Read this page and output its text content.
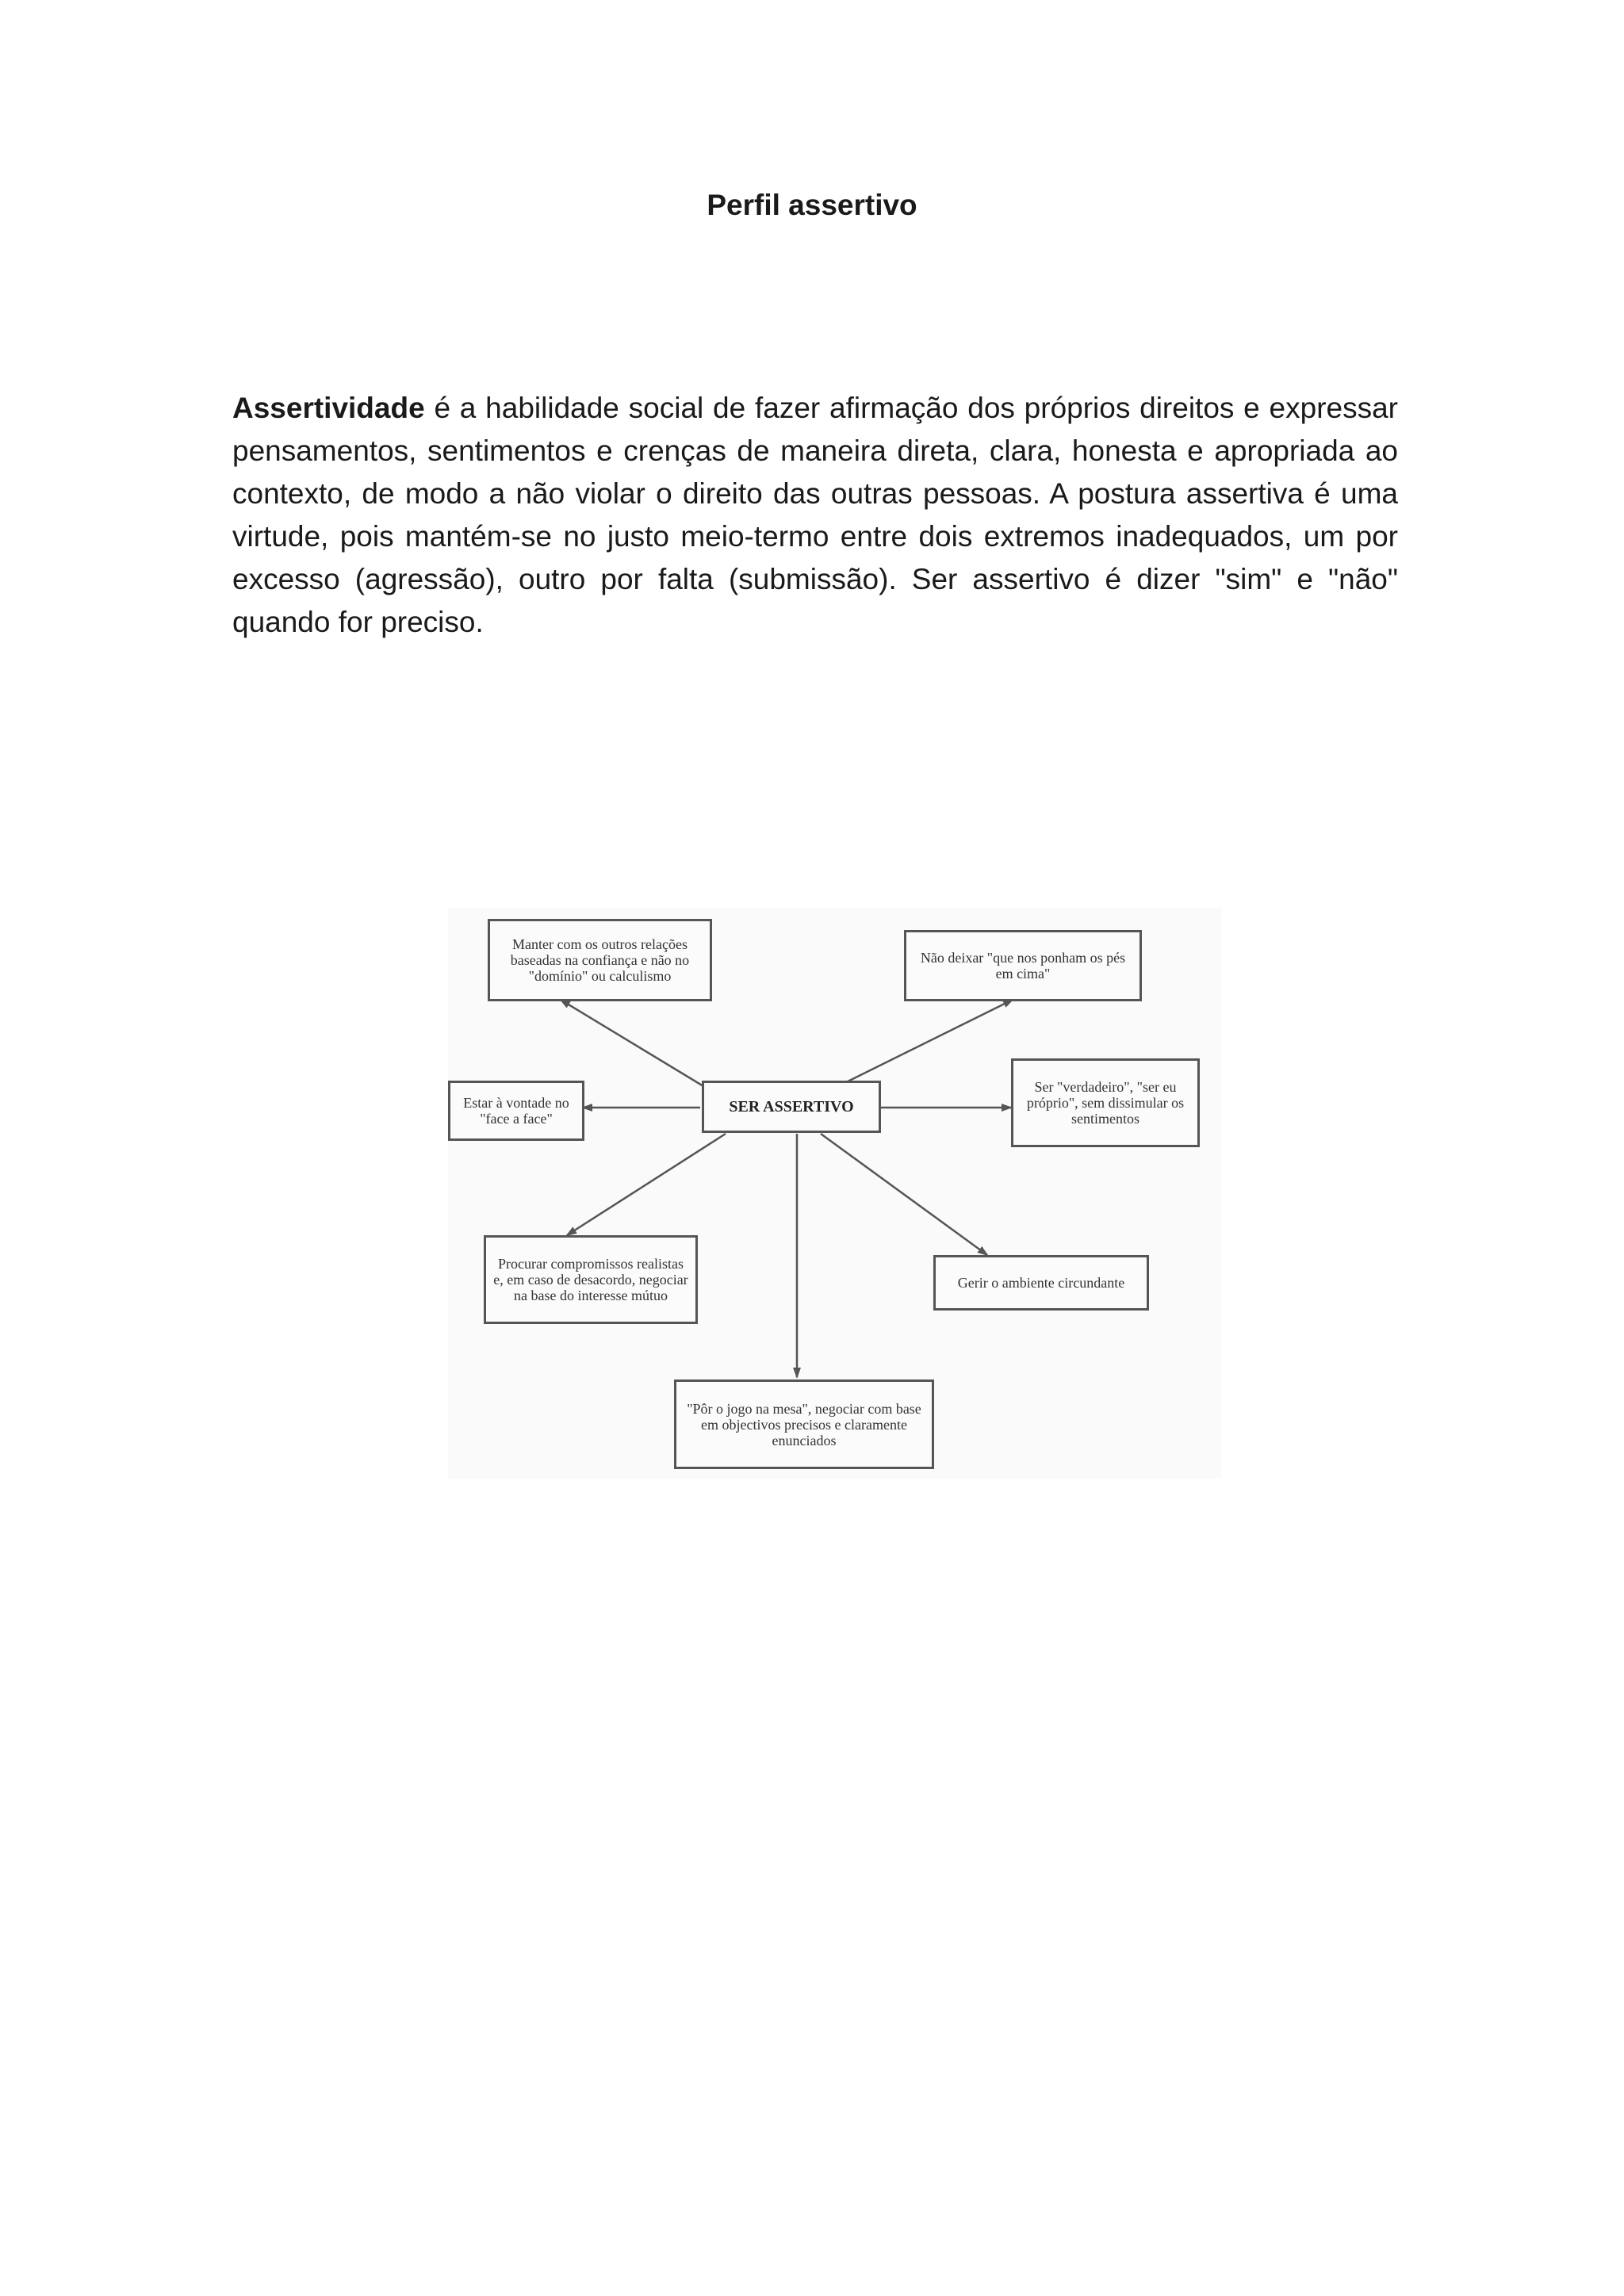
Perfil assertivo

Assertividade é a habilidade social de fazer afirmação dos próprios direitos e expressar pensamentos, sentimentos e crenças de maneira direta, clara, honesta e apropriada ao contexto, de modo a não violar o direito das outras pessoas. A postura assertiva é uma virtude, pois mantém-se no justo meio-termo entre dois extremos inadequados, um por excesso (agressão), outro por falta (submissão). Ser assertivo é dizer "sim" e "não" quando for preciso.

SER ASSERTIVO
Manter com os outros relações baseadas na confiança e não no "domínio" ou calculismo
Não deixar "que nos ponham os pés em cima"
Estar à vontade no "face a face"
Ser "verdadeiro", "ser eu próprio", sem dissimular os sentimentos
Procurar compromissos realistas e, em caso de desacordo, negociar na base do interesse mútuo
Gerir o ambiente circundante
"Pôr o jogo na mesa", negociar com base em objectivos precisos e claramente enunciados
